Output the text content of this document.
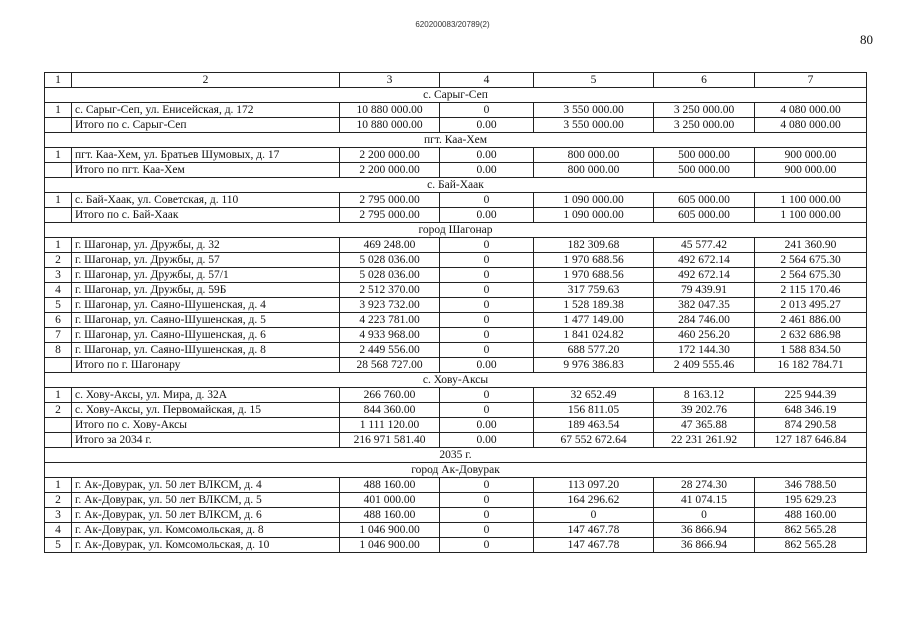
620200083/20789(2)
80
1	2	3	4	5	6	7
с. Сарыг-Сеп						
1	с. Сарыг-Сеп, ул. Енисейская, д. 172	10 880 000.00	0	3 550 000.00	3 250 000.00	4 080 000.00
	Итого по с. Сарыг-Сеп	10 880 000.00	0.00	3 550 000.00	3 250 000.00	4 080 000.00
пгт. Каа-Хем						
1	пгт. Каа-Хем, ул. Братьев Шумовых, д. 17	2 200 000.00	0.00	800 000.00	500 000.00	900 000.00
	Итого по пгт. Каа-Хем	2 200 000.00	0.00	800 000.00	500 000.00	900 000.00
с. Бай-Хаак						
1	с. Бай-Хаак, ул. Советская, д. 110	2 795 000.00	0	1 090 000.00	605 000.00	1 100 000.00
	Итого по с. Бай-Хаак	2 795 000.00	0.00	1 090 000.00	605 000.00	1 100 000.00
город Шагонар						
1	г. Шагонар, ул. Дружбы, д. 32	469 248.00	0	182 309.68	45 577.42	241 360.90
2	г. Шагонар, ул. Дружбы, д. 57	5 028 036.00	0	1 970 688.56	492 672.14	2 564 675.30
3	г. Шагонар, ул. Дружбы, д. 57/1	5 028 036.00	0	1 970 688.56	492 672.14	2 564 675.30
4	г. Шагонар, ул. Дружбы, д. 59Б	2 512 370.00	0	317 759.63	79 439.91	2 115 170.46
5	г. Шагонар, ул. Саяно-Шушенская, д. 4	3 923 732.00	0	1 528 189.38	382 047.35	2 013 495.27
6	г. Шагонар, ул. Саяно-Шушенская, д. 5	4 223 781.00	0	1 477 149.00	284 746.00	2 461 886.00
7	г. Шагонар, ул. Саяно-Шушенская, д. 6	4 933 968.00	0	1 841 024.82	460 256.20	2 632 686.98
8	г. Шагонар, ул. Саяно-Шушенская, д. 8	2 449 556.00	0	688 577.20	172 144.30	1 588 834.50
	Итого по г. Шагонару	28 568 727.00	0.00	9 976 386.83	2 409 555.46	16 182 784.71
с. Хову-Аксы						
1	с. Хову-Аксы, ул. Мира, д. 32А	266 760.00	0	32 652.49	8 163.12	225 944.39
2	с. Хову-Аксы, ул. Первомайская, д. 15	844 360.00	0	156 811.05	39 202.76	648 346.19
	Итого по с. Хову-Аксы	1 111 120.00	0.00	189 463.54	47 365.88	874 290.58
	Итого за 2034 г.	216 971 581.40	0.00	67 552 672.64	22 231 261.92	127 187 646.84
2035 г.						
город Ак-Довурак						
1	г. Ак-Довурак, ул. 50 лет ВЛКСМ, д. 4	488 160.00	0	113 097.20	28 274.30	346 788.50
2	г. Ак-Довурак, ул. 50 лет ВЛКСМ, д. 5	401 000.00	0	164 296.62	41 074.15	195 629.23
3	г. Ак-Довурак, ул. 50 лет ВЛКСМ, д. 6	488 160.00	0	0	0	488 160.00
4	г. Ак-Довурак, ул. Комсомольская, д. 8	1 046 900.00	0	147 467.78	36 866.94	862 565.28
5	г. Ак-Довурак, ул. Комсомольская, д. 10	1 046 900.00	0	147 467.78	36 866.94	862 565.28
